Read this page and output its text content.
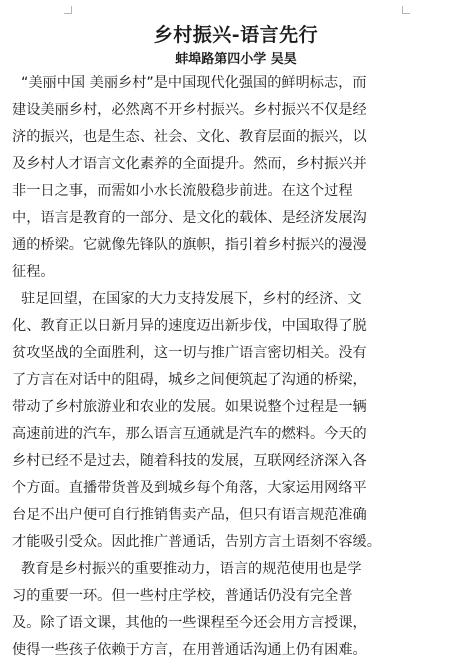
乡村振兴-语言先行
蚌埠路第四小学 吴昊
“美丽中国 美丽乡村”是中国现代化强国的鲜明标志，而
建设美丽乡村，必然离不开乡村振兴。乡村振兴不仅是经
济的振兴，也是生态、社会、文化、教育层面的振兴，以
及乡村人才语言文化素养的全面提升。然而，乡村振兴并
非一日之事，而需如小水长流般稳步前进。在这个过程
中，语言是教育的一部分、是文化的载体、是经济发展沟
通的桥梁。它就像先锋队的旗帜，指引着乡村振兴的漫漫
征程。
驻足回望，在国家的大力支持发展下，乡村的经济、文
化、教育正以日新月异的速度迈出新步伐，中国取得了脱
贫攻坚战的全面胜利，这一切与推广语言密切相关。没有
了方言在对话中的阻碍，城乡之间便筑起了沟通的桥梁，
带动了乡村旅游业和农业的发展。如果说整个过程是一辆
高速前进的汽车，那么语言互通就是汽车的燃料。今天的
乡村已经不是过去，随着科技的发展，互联网经济深入各
个方面。直播带货普及到城乡每个角落，大家运用网络平
台足不出户便可自行推销售卖产品，但只有语言规范准确
才能吸引受众。因此推广普通话，告别方言土语刻不容缓。
教育是乡村振兴的重要推动力，语言的规范使用也是学
习的重要一环。但一些村庄学校，普通话仍没有完全普
及。除了语文课，其他的一些课程至今还会用方言授课，
使得一些孩子依赖于方言，在用普通话沟通上仍有困难。
